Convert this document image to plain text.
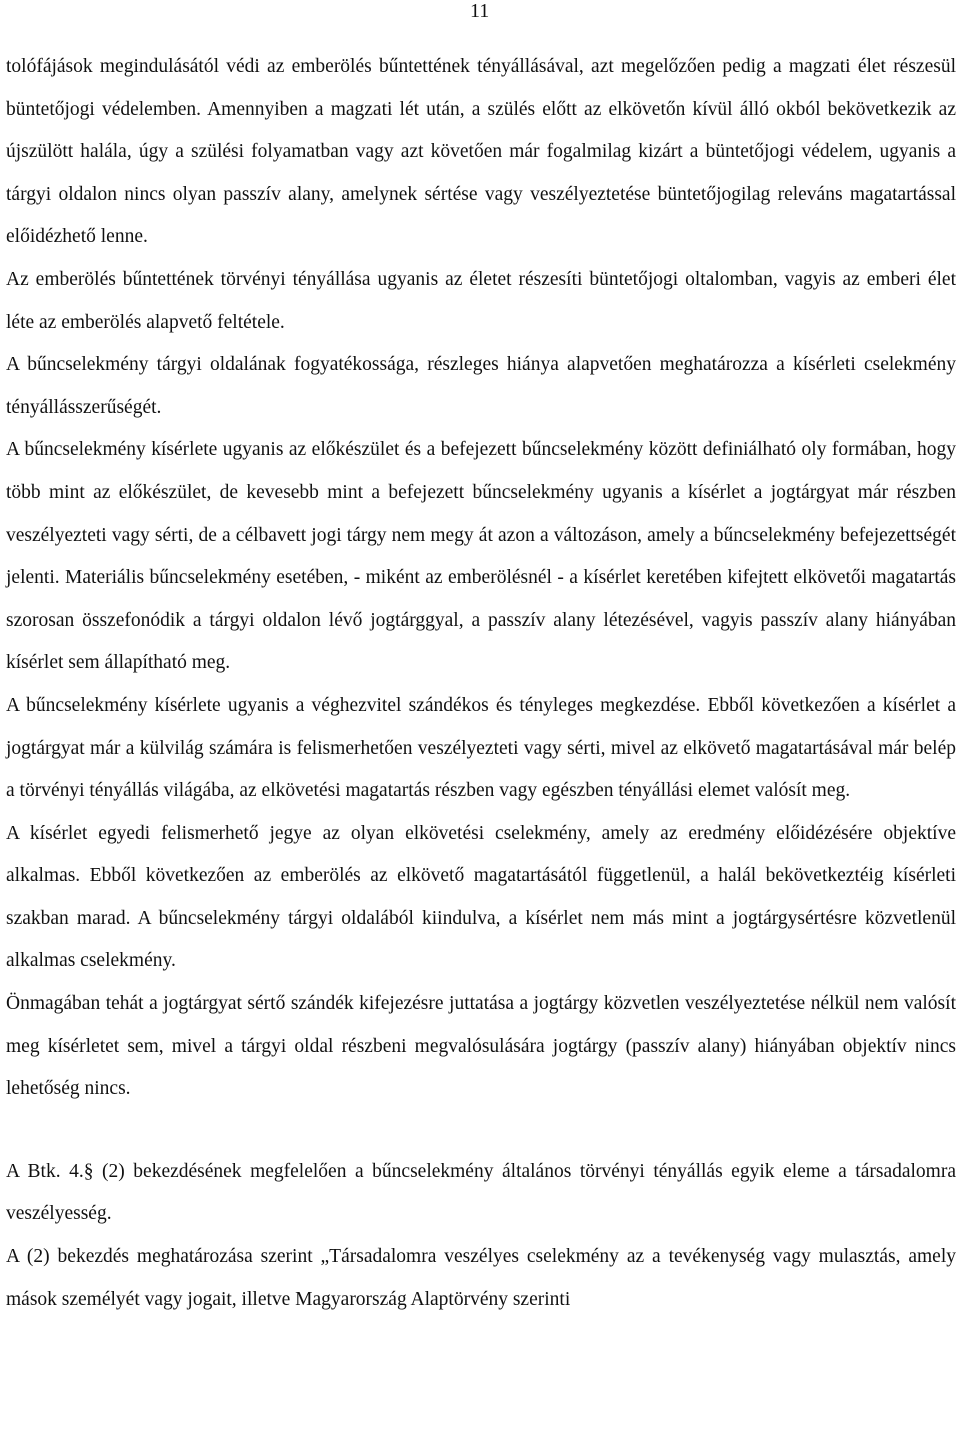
11

tolófájások megindulásától védi az emberölés bűntettének tényállásával, azt megelőzően pedig a magzati élet részesül büntetőjogi védelemben. Amennyiben a magzati lét után, a szülés előtt az elkövetőn kívül álló okból bekövetkezik az újszülött halála, úgy a szülési folyamatban vagy azt követően már fogalmilag kizárt a büntetőjogi védelem, ugyanis a tárgyi oldalon nincs olyan passzív alany, amelynek sértése vagy veszélyeztetése büntetőjogilag releváns magatartással előidézhető lenne.

Az emberölés bűntettének törvényi tényállása ugyanis az életet részesíti büntetőjogi oltalomban, vagyis az emberi élet léte az emberölés alapvető feltétele.

A bűncselekmény tárgyi oldalának fogyatékossága, részleges hiánya alapvetően meghatározza a kísérleti cselekmény tényállásszerűségét.

A bűncselekmény kísérlete ugyanis az előkészület és a befejezett bűncselekmény között definiálható oly formában, hogy több mint az előkészület, de kevesebb mint a befejezett bűncselekmény ugyanis a kísérlet a jogtárgyat már részben veszélyezteti vagy sérti, de a célbavett jogi tárgy nem megy át azon a változáson, amely a bűncselekmény befejezettségét jelenti. Materiális bűncselekmény esetében, - miként az emberölésnél - a kísérlet keretében kifejtett elkövetői magatartás szorosan összefonódik a tárgyi oldalon lévő jogtárggyal, a passzív alany létezésével, vagyis passzív alany hiányában kísérlet sem állapítható meg.

A bűncselekmény kísérlete ugyanis a véghezvitel szándékos és tényleges megkezdése. Ebből következően a kísérlet a jogtárgyat már a külvilág számára is felismerhetően veszélyezteti vagy sérti, mivel az elkövető magatartásával már belép a törvényi tényállás világába, az elkövetési magatartás részben vagy egészben tényállási elemet valósít meg.

A kísérlet egyedi felismerhető jegye az olyan elkövetési cselekmény, amely az eredmény előidézésére objektíve alkalmas. Ebből következően az emberölés az elkövető magatartásától függetlenül, a halál bekövetkeztéig kísérleti szakban marad. A bűncselekmény tárgyi oldalából kiindulva, a kísérlet nem más mint a jogtárgysértésre közvetlenül alkalmas cselekmény.

Önmagában tehát a jogtárgyat sértő szándék kifejezésre juttatása a jogtárgy közvetlen veszélyeztetése nélkül nem valósít meg kísérletet sem, mivel a tárgyi oldal részbeni megvalósulására jogtárgy (passzív alany) hiányában objektív nincs lehetőség nincs.

A Btk. 4.§ (2) bekezdésének megfelelően a bűncselekmény általános törvényi tényállás egyik eleme a társadalomra veszélyesség.

A (2) bekezdés meghatározása szerint „Társadalomra veszélyes cselekmény az a tevékenység vagy mulasztás, amely mások személyét vagy jogait, illetve Magyarország Alaptörvény szerinti
